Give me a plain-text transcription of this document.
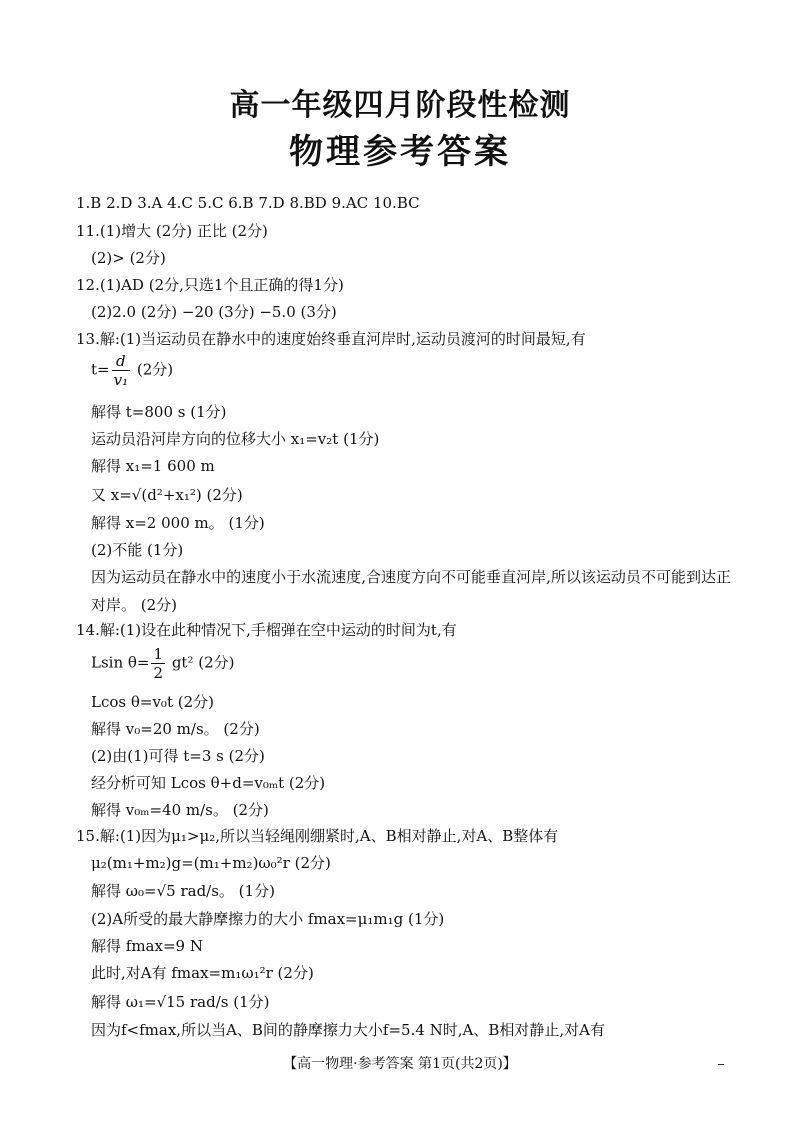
高一年级四月阶段性检测
物理参考答案
1.B 2.D 3.A 4.C 5.C 6.B 7.D 8.BD 9.AC 10.BC
11.(1)增大 (2分) 正比 (2分)
(2)> (2分)
12.(1)AD (2分,只选1个且正确的得1分)
(2)2.0 (2分) −20 (3分) −5.0 (3分)
13.解:(1)当运动员在静水中的速度始终垂直河岸时,运动员渡河的时间最短,有
$t= \frac{d}{\text{v₁}} (2$分)
解得 t=800 s (1分)
运动员沿河岸方向的位移大小 x₁=v₂t (1分)
解得 x₁=1 600 m
又 x=√(d²+x₁²) (2分)
解得 x=2 000 m。 (1分)
(2)不能 (1分)
因为运动员在静水中的速度小于水流速度,合速度方向不可能垂直河岸,所以该运动员不可能到达正对岸。 (2分)
14.解:(1)设在此种情况下,手榴弹在空中运动的时间为t,有
Lsin $\theta= \frac{1}{2} gt^2$ (2分)
Lcos θ=v₀t (2分)
解得 v₀=20 m/s。 (2分)
(2)由(1)可得 t=3 s (2分)
经分析可知 Lcos θ+d=v₀ₘt (2分)
解得 v₀ₘ=40 m/s。 (2分)
15.解:(1)因为μ₁>μ₂,所以当轻绳刚绷紧时,A、B相对静止,对A、B整体有
μ₂(m₁+m₂)g=(m₁+m₂)ω₀²r (2分)
解得 ω₀=√5 rad/s。 (1分)
(2)A所受的最大静摩擦力的大小 fmax=μ₁m₁g (1分)
解得 fmax=9 N
此时,对A有 fmax=m₁ω₁²r (2分)
解得 ω₁=√15 rad/s (1分)
因为f<fmax,所以当A、B间的静摩擦力大小f=5.4 N时,A、B相对静止,对A有
【高一物理·参考答案 第1页(共2页)】
